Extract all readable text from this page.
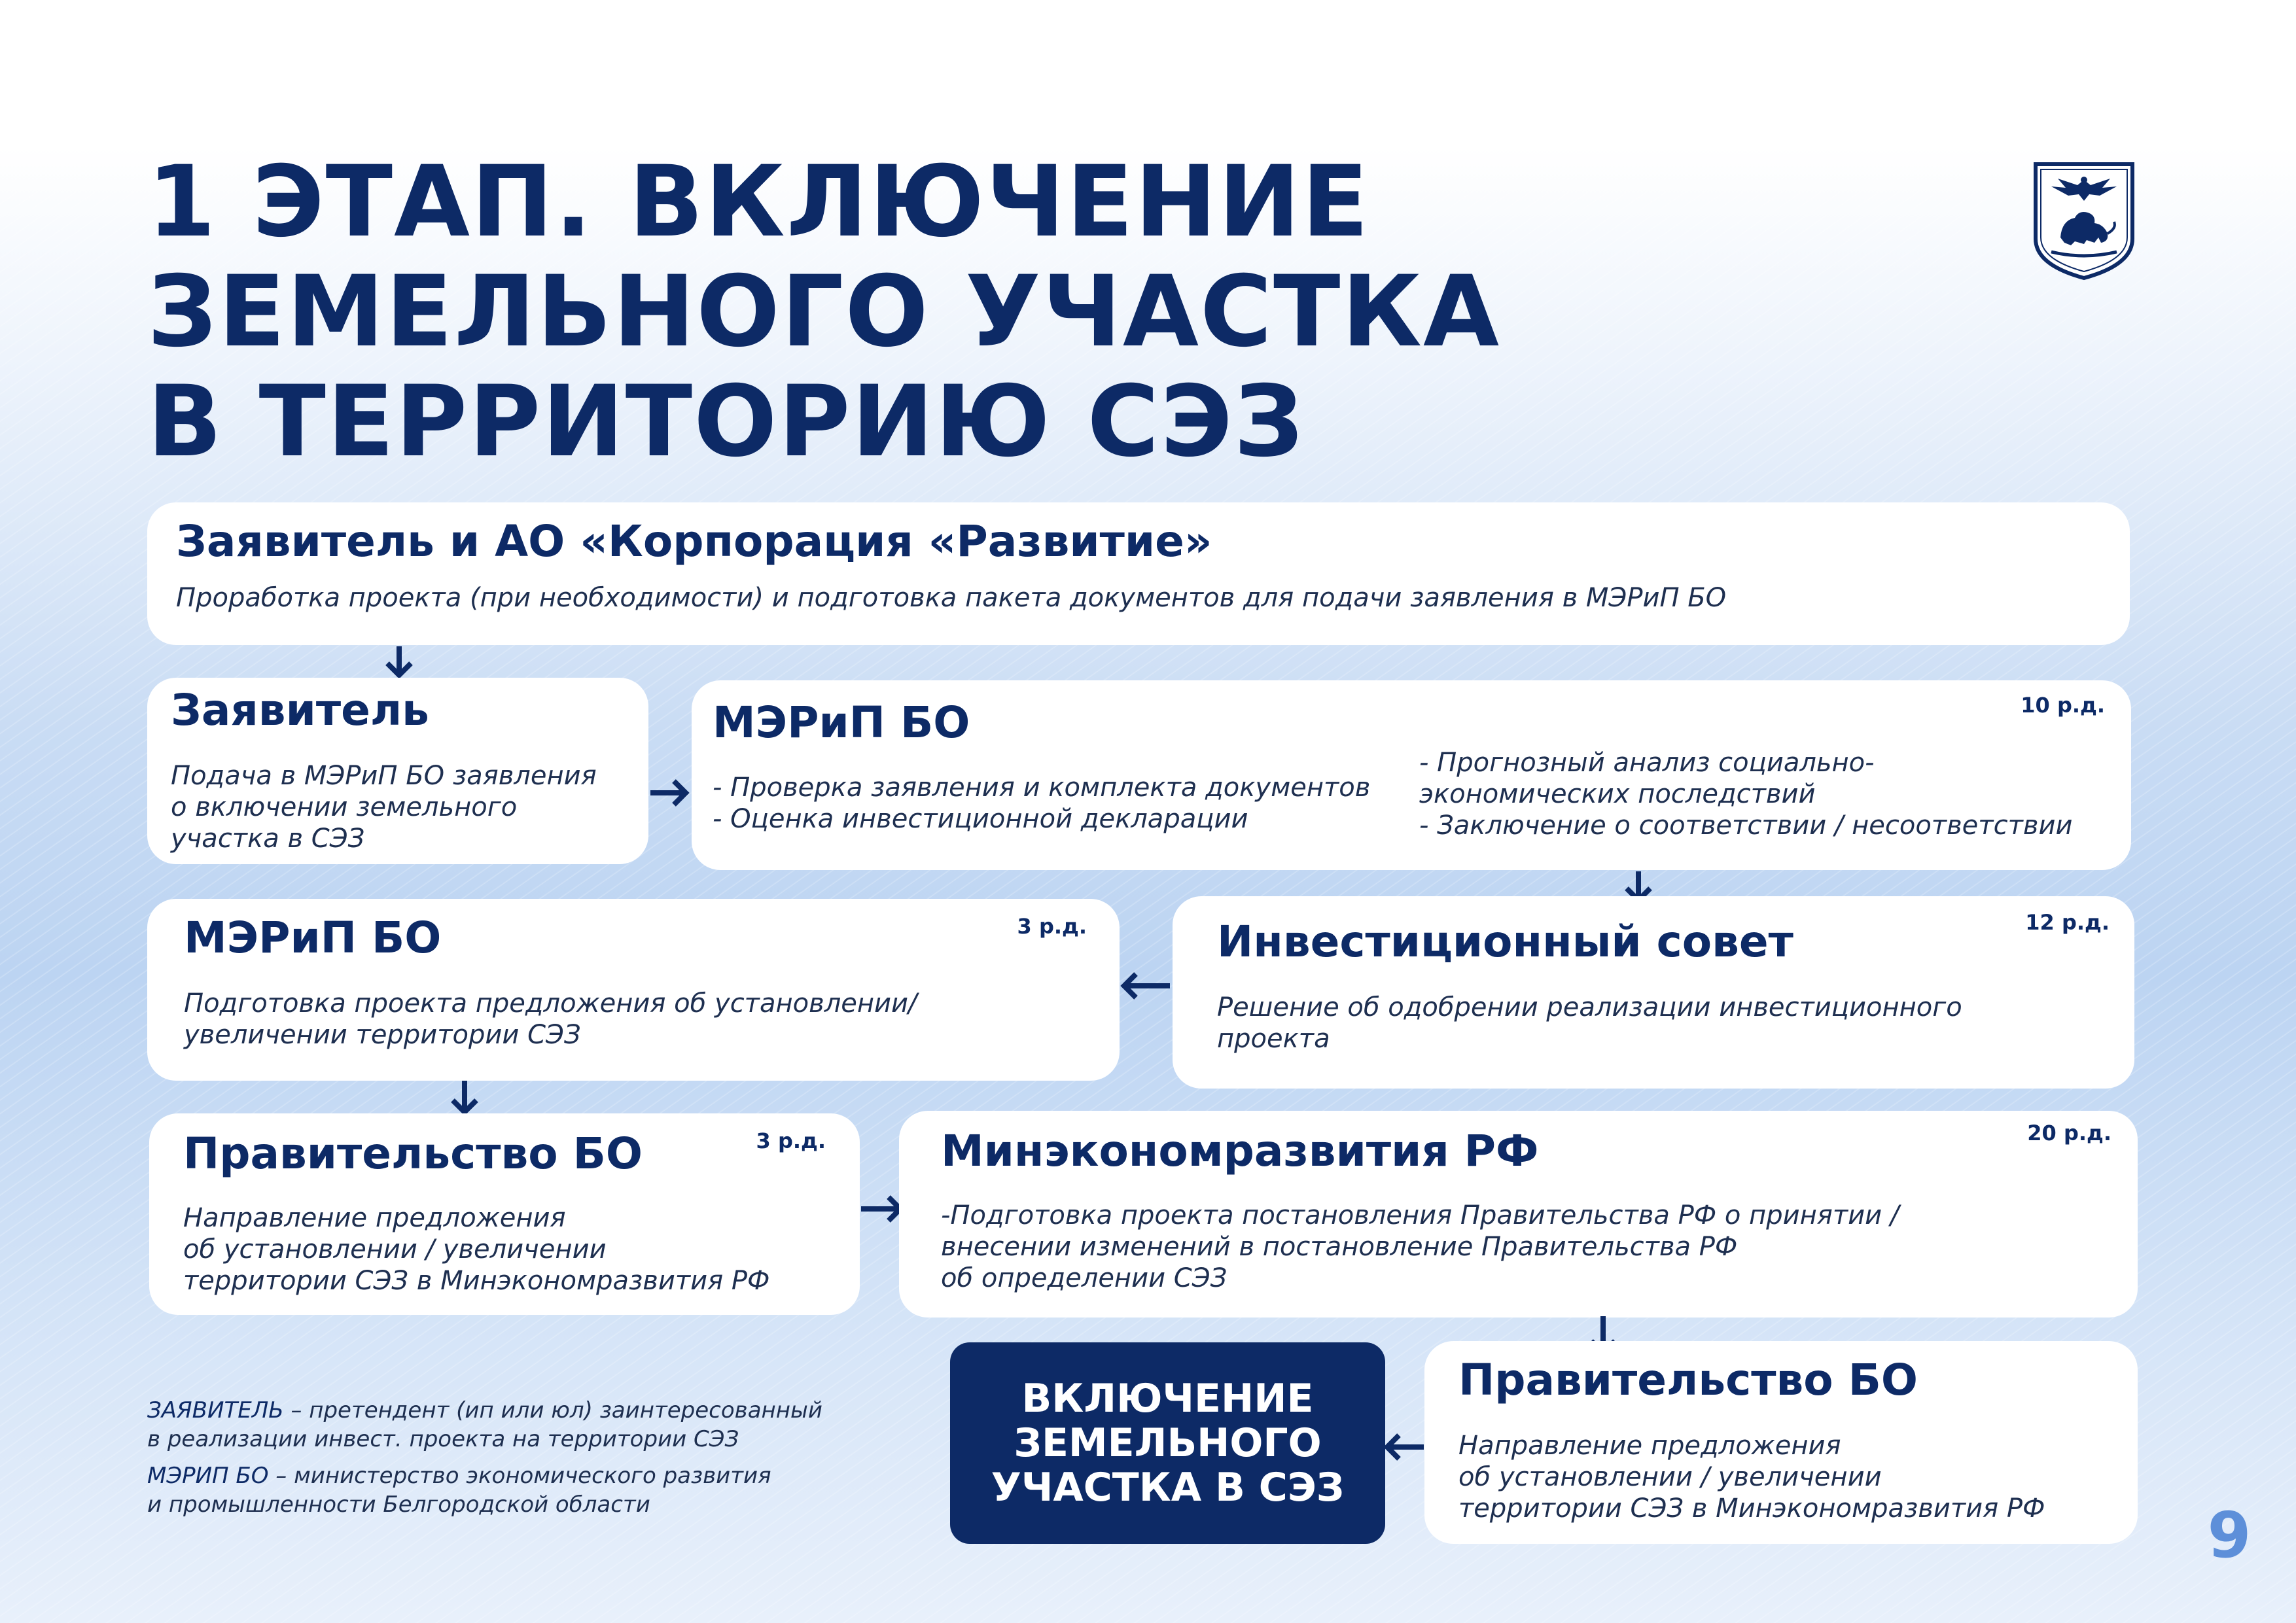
1 ЭТАП. ВКЛЮЧЕНИЕ
ЗЕМЕЛЬНОГО УЧАСТКА
В ТЕРРИТОРИЮ СЭЗ
Заявитель и АО «Корпорация «Развитие»
Проработка проекта (при необходимости) и подготовка пакета документов для подачи заявления в МЭРиП БО
Заявитель
Подача в МЭРиП БО заявления
о включении земельного
участка в СЭЗ
МЭРиП БО	10 р.д.
- Проверка заявления и комплекта документов
- Оценка инвестиционной декларации
- Прогнозный анализ социально-
экономических последствий
- Заключение о соответствии / несоответствии
Инвестиционный совет	12 р.д.
Решение об одобрении реализации инвестиционного
проекта
МЭРиП БО	3 р.д.
Подготовка проекта предложения об установлении/
увеличении территории СЭЗ
Правительство БО	3 р.д.
Направление предложения
об установлении / увеличении
территории СЭЗ в Минэкономразвития РФ
Минэкономразвития РФ	20 р.д.
-Подготовка проекта постановления Правительства РФ о принятии /
внесении изменений в постановление Правительства РФ
об определении СЭЗ
Правительство БО
Направление предложения
об установлении / увеличении
территории СЭЗ в Минэкономразвития РФ
ВКЛЮЧЕНИЕ
ЗЕМЕЛЬНОГО
УЧАСТКА В СЭЗ
ЗАЯВИТЕЛЬ – претендент (ип или юл) заинтересованный
в реализации инвест. проекта на территории СЭЗ
МЭРИП БО – министерство экономического развития
и промышленности Белгородской области	9
